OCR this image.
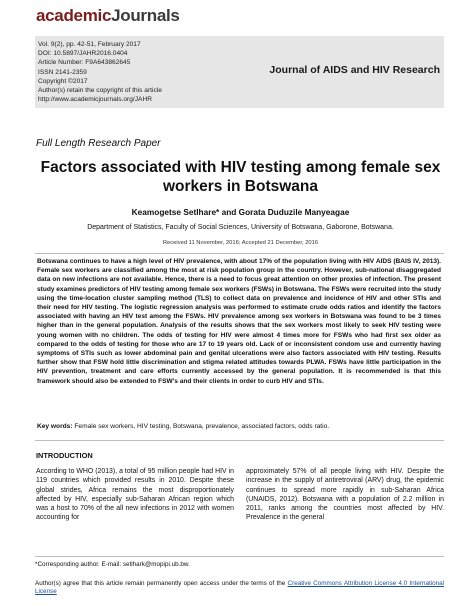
academicJournals
Vol. 9(2), pp. 42-51, February 2017
DOI: 10.5897/JAHR2016.0404
Article Number: F9A643862645
ISSN 2141-2359
Copyright ©2017
Author(s) retain the copyright of this article
http://www.academicjournals.org/JAHR
Journal of AIDS and HIV Research
Full Length Research Paper
Factors associated with HIV testing among female sex workers in Botswana
Keamogetse Setlhare* and Gorata Duduzile Manyeagae
Department of Statistics, Faculty of Social Sciences, University of Botswana, Gaborone, Botswana.
Received 11 November, 2016; Accepted 21 December, 2016
Botswana continues to have a high level of HIV prevalence, with about 17% of the population living with HIV AIDS (BAIS IV, 2013). Female sex workers are classified among the most at risk population group in the country. However, sub-national disaggregated data on new infections are not available. Hence, there is a need to focus great attention on other proxies of infection. The present study examines predictors of HIV testing among female sex workers (FSWs) in Botswana. The FSWs were recruited into the study using the time-location cluster sampling method (TLS) to collect data on prevalence and incidence of HIV and other STIs and their need for HIV testing. The logistic regression analysis was performed to estimate crude odds ratios and identify the factors associated with having an HIV test among the FSWs. HIV prevalence among sex workers in Botswana was found to be 3 times higher than in the general population. Analysis of the results shows that the sex workers most likely to seek HIV testing were young women with no children. The odds of testing for HIV were almost 4 times more for FSWs who had first sex older as compared to the odds of testing for those who are 17 to 19 years old. Lack of or inconsistent condom use and currently having symptoms of STIs such as lower abdominal pain and genital ulcerations were also factors associated with HIV testing. Results further show that FSW hold little discrimination and stigma related attitudes towards PLWA. FSWs have little participation in the HIV prevention, treatment and care efforts currently accessed by the general population. It is recommended is that this framework should also be extended to FSW's and their clients in order to curb HIV and STIs.
Key words: Female sex workers, HIV testing, Botswana, prevalence, associated factors, odds ratio.
INTRODUCTION
According to WHO (2013), a total of 95 million people had HIV in 119 countries which provided results in 2010. Despite these global strides, Africa remains the most disproportionately affected by HIV, especially sub-Saharan African region which was a host to 70% of the all new infections in 2012 with women accounting for
approximately 57% of all people living with HIV. Despite the increase in the supply of antiretroviral (ARV) drug, the epidemic continues to spread more rapidly in sub-Saharan Africa (UNAIDS, 2012). Botswana with a population of 2.2 million in 2011, ranks among the countries most affected by HIV. Prevalence in the general
*Corresponding author. E-mail: setlhark@mopipi.ub.bw.
Author(s) agree that this article remain permanently open access under the terms of the Creative Commons Attribution License 4.0 International License
